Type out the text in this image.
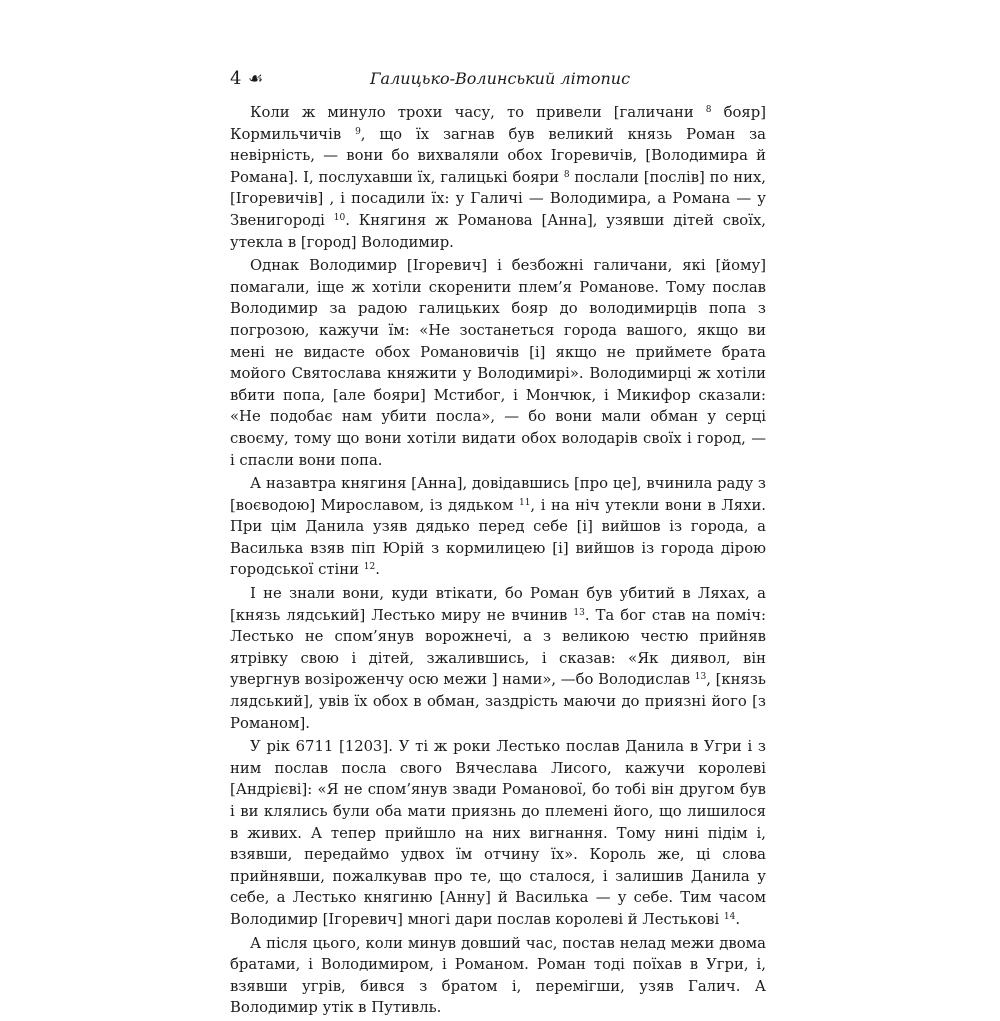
4 ☙	Галицько-Волинський літопис

Коли ж минуло трохи часу, то привели [галичани $^8$ бояр] Кормильчичів $^9$, що їх загнав був великий князь Роман за невірність, — вони бо вихваляли обох Ігоревичів, [Володимира й Романа]. І, послухавши їх, галицькі бояри $^8$ послали [послів] по них, [Ігоревичів] , і посадили їх: у Галичі — Володимира, а Романа — у Звенигороді $^{10}$. Княгиня ж Романова [Анна], узявши дітей своїх, утекла в [город] Володимир.

Однак Володимир [Ігоревич] і безбожні галичани, які [йому] помагали, іще ж хотіли скоренити плем’я Романове. Тому послав Володимир за радою галицьких бояр до володимирців попа з погрозою, кажучи їм: «Не зостанеться города вашого, якщо ви мені не видасте обох Романовичів [і] якщо не приймете брата мойого Святослава княжити у Володимирі». Володимирці ж хотіли вбити попа, [але бояри] Мстибог, і Мончюк, і Микифор сказали: «Не подобає нам убити посла», — бо вони мали обман у серці своєму, тому що вони хотіли видати обох володарів своїх і город, — і спасли вони попа.

А назавтра княгиня [Анна], довідавшись [про це], вчинила раду з [воєводою] Мирославом, із дядьком $^{11}$, і на ніч утекли вони в Ляхи. При цім Данила узяв дядько перед себе [і] вийшов із города, а Василька взяв піп Юрій з кормилицею [і] вийшов із города дірою городської стіни $^{12}$.

І не знали вони, куди втікати, бо Роман був убитий в Ляхах, а [князь лядський] Лестько миру не вчинив $^{13}$. Та бог став на поміч: Лестько не спом’янув ворожнечі, а з великою честю прийняв ятрівку свою і дітей, зжалившись, і сказав: «Як диявол, він увергнув возіроженчу осю межи ] нами», —бо Володислав $^{13}$, [князь лядський], увів їх обох в обман, заздрість маючи до приязні його [з Романом].

У рік 6711 [1203]. У ті ж роки Лестько послав Данила в Угри і з ним послав посла свого Вячеслава Лисого, кажучи королеві [Андрієві]: «Я не спом’янув звади Романової, бо тобі він другом був і ви клялись були оба мати приязнь до племені його, що лишилося в живих. А тепер прийшло на них вигнання. Тому нині підім і, взявши, передаймо удвох їм отчину їх». Король же, ці слова прийнявши, пожалкував про те, що сталося, і залишив Данила у себе, а Лестько княгиню [Анну] й Василька — у себе. Тим часом Володимир [Ігоревич] многі дари послав королеві й Лестькові $^{14}$.

А після цього, коли минув довший час, постав нелад межи двома братами, і Володимиром, і Романом. Роман тоді поїхав в Угри, і, взявши угрів, бився з братом і, перемігши, узяв Галич. А Володимир утік в Путивль.
